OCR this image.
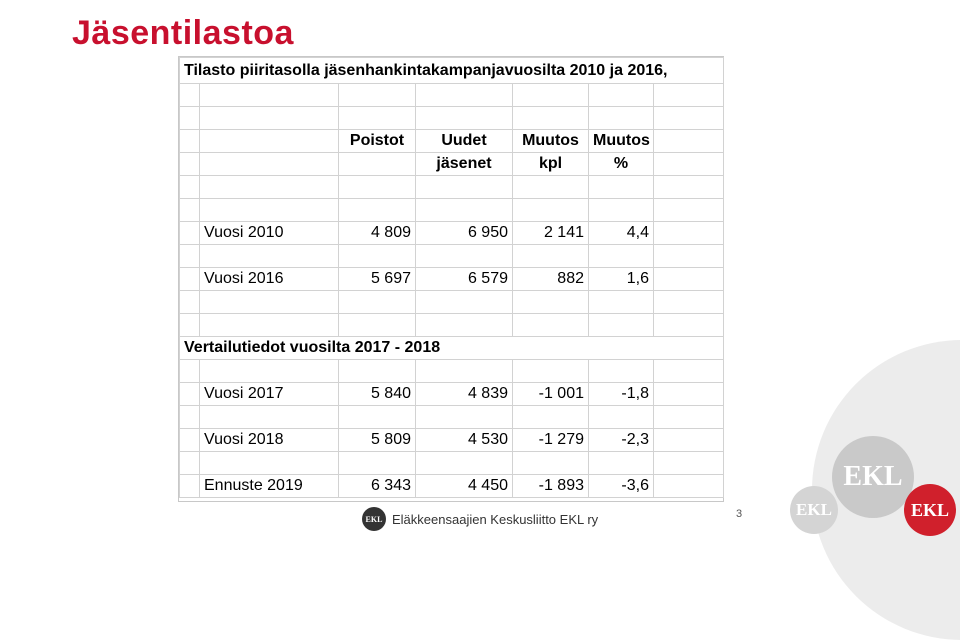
Jäsentilastoa
Tilasto piiritasolla jäsenhankintakampanjavuosilta 2010 ja 2016,						

		Poistot	Uudet	Muutos	Muutos	
			jäsenet	kpl	%	

	Vuosi 2010	4 809	6 950	2 141	4,4	

	Vuosi 2016	5 697	6 579	882	1,6	

Vertailutiedot vuosilta 2017 - 2018						

	Vuosi 2017	5 840	4 839	-1 001	-1,8	

	Vuosi 2018	5 809	4 530	-1 279	-2,3	

	Ennuste 2019	6 343	4 450	-1 893	-3,6		EKL
EKL	EKL
EKL Eläkkeensaajien Keskusliitto EKL ry	3
